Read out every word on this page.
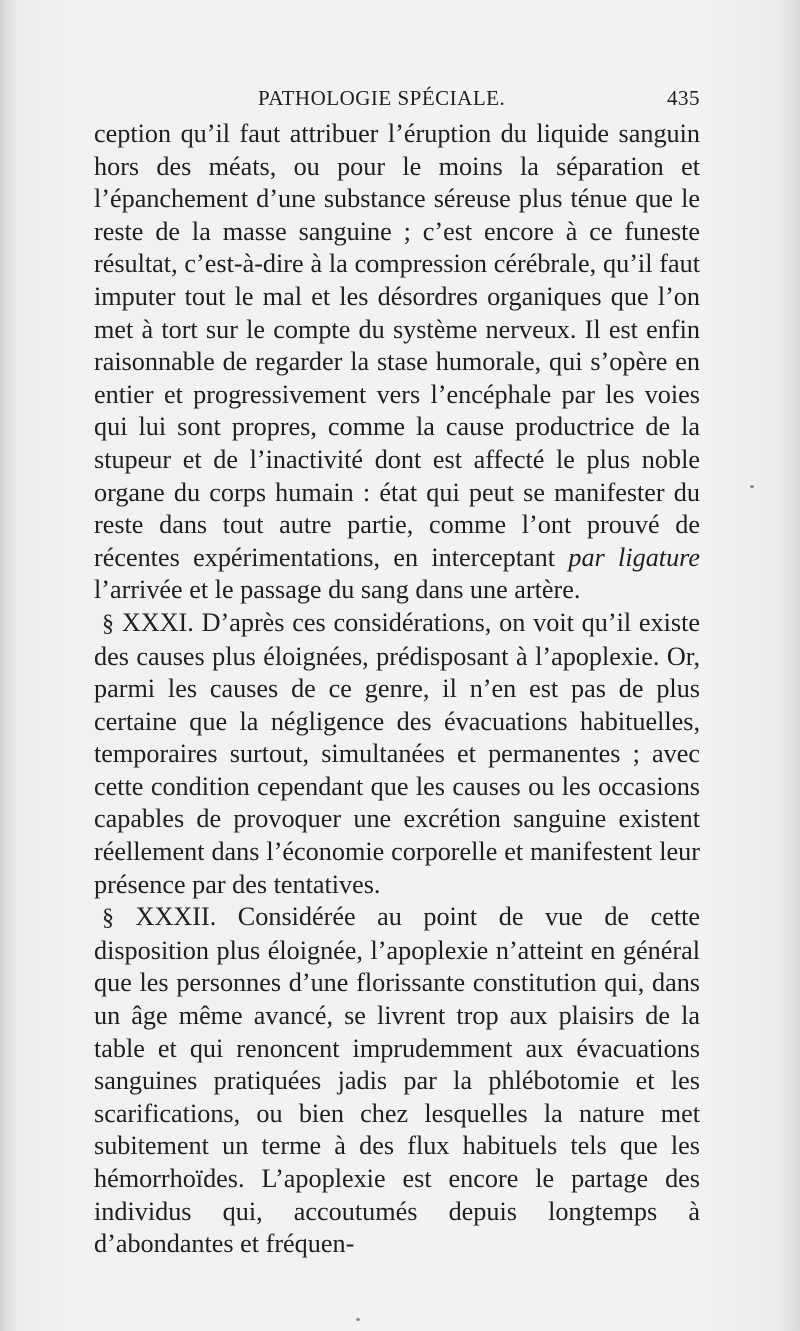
PATHOLOGIE SPÉCIALE.	435

ception qu’il faut attribuer l’éruption du liquide sanguin hors des méats, ou pour le moins la séparation et l’épanchement d’une substance séreuse plus ténue que le reste de la masse sanguine ; c’est encore à ce funeste résultat, c’est-à-dire à la compression cérébrale, qu’il faut imputer tout le mal et les désordres organiques que l’on met à tort sur le compte du système nerveux. Il est enfin raisonnable de regarder la stase humorale, qui s’opère en entier et progressivement vers l’encéphale par les voies qui lui sont propres, comme la cause productrice de la stupeur et de l’inactivité dont est affecté le plus noble organe du corps humain : état qui peut se manifester du reste dans tout autre partie, comme l’ont prouvé de récentes expérimentations, en interceptant par ligature l’arrivée et le passage du sang dans une artère.

§ XXXI. D’après ces considérations, on voit qu’il existe des causes plus éloignées, prédisposant à l’apoplexie. Or, parmi les causes de ce genre, il n’en est pas de plus certaine que la négligence des évacuations habituelles, temporaires surtout, simultanées et permanentes ; avec cette condition cependant que les causes ou les occasions capables de provoquer une excrétion sanguine existent réellement dans l’économie corporelle et manifestent leur présence par des tentatives.

§ XXXII. Considérée au point de vue de cette disposition plus éloignée, l’apoplexie n’atteint en général que les personnes d’une florissante constitution qui, dans un âge même avancé, se livrent trop aux plaisirs de la table et qui renoncent imprudemment aux évacuations sanguines pratiquées jadis par la phlébotomie et les scarifications, ou bien chez lesquelles la nature met subitement un terme à des flux habituels tels que les hémorrhoïdes. L’apoplexie est encore le partage des individus qui, accoutumés depuis longtemps à d’abondantes et fréquen-
